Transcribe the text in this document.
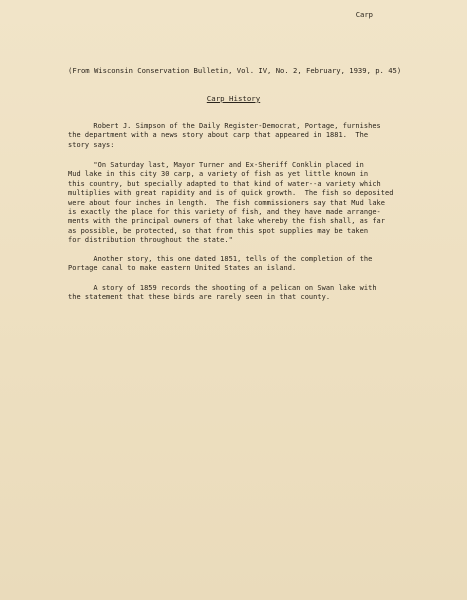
Carp
(From Wisconsin Conservation Bulletin, Vol. IV, No. 2, February, 1939, p. 45)
Carp History
Robert J. Simpson of the Daily Register-Democrat, Portage, furnishes
the department with a news story about carp that appeared in 1881.  The
story says:
"On Saturday last, Mayor Turner and Ex-Sheriff Conklin placed in
Mud lake in this city 30 carp, a variety of fish as yet little known in
this country, but specially adapted to that kind of water--a variety which
multiplies with great rapidity and is of quick growth.  The fish so deposited
were about four inches in length.  The fish commissioners say that Mud lake
is exactly the place for this variety of fish, and they have made arrange-
ments with the principal owners of that lake whereby the fish shall, as far
as possible, be protected, so that from this spot supplies may be taken
for distribution throughout the state."
Another story, this one dated 1851, tells of the completion of the
Portage canal to make eastern United States an island.
A story of 1859 records the shooting of a pelican on Swan lake with
the statement that these birds are rarely seen in that county.
